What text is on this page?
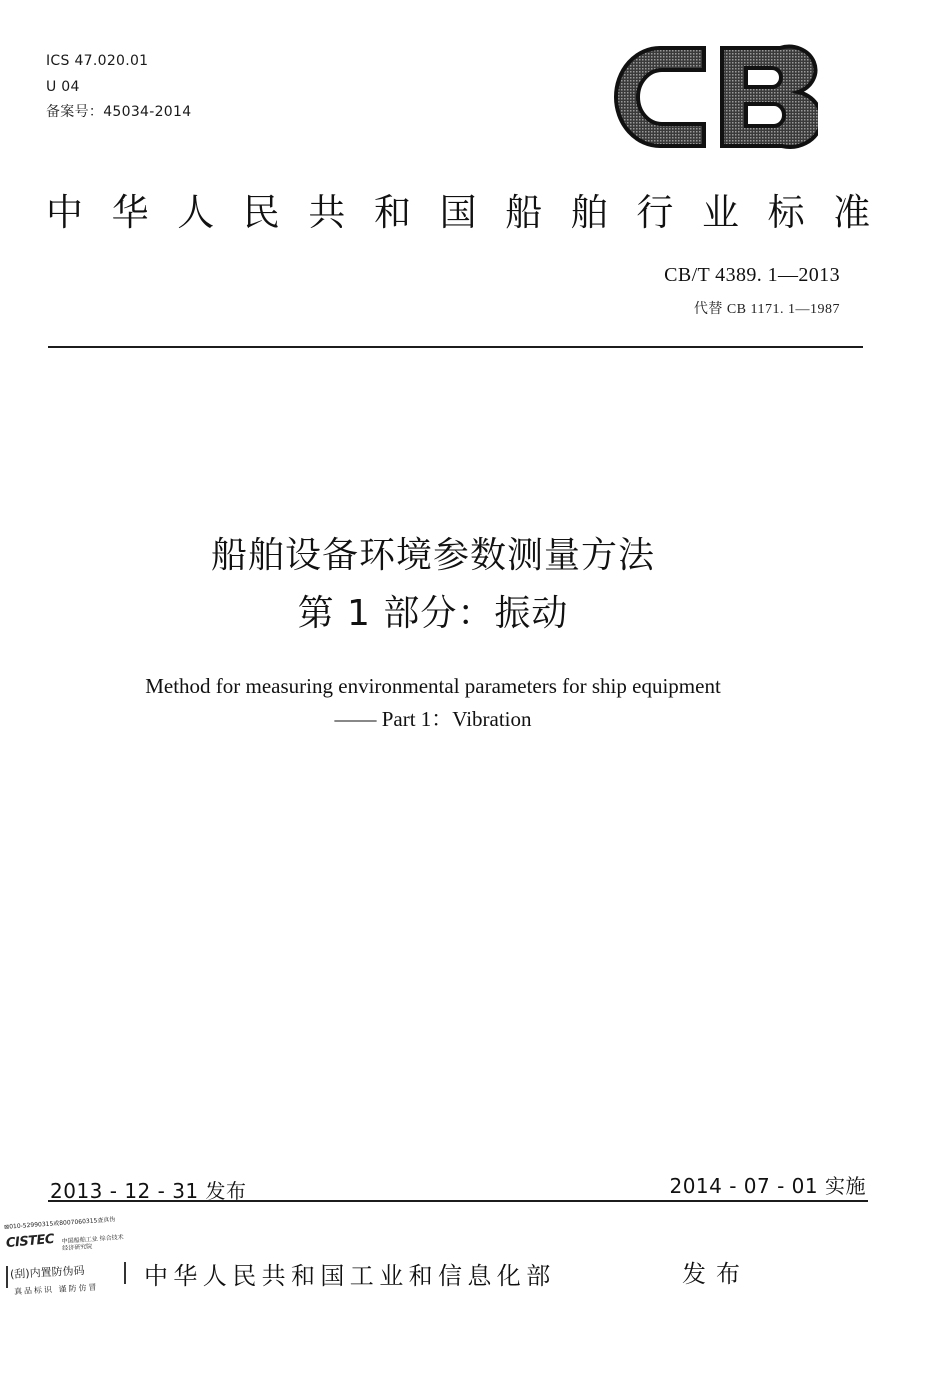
ICS 47.020.01
U 04
备案号：45034-2014
中华人民共和国船舶行业标准
CB/T 4389. 1—2013
代替 CB 1171. 1—1987
船舶设备环境参数测量方法
第 1 部分：振动
Method for measuring environmental parameters for ship equipment
—— Part 1：Vibration
2013 - 12 - 31 发布	2014 - 07 - 01 实施
⊠010-52990315或8007060315查真伪
CISTEC 中国船舶工业 综合技术经济研究院
(刮)内置防伪码
真品标识 谨防仿冒 中华人民共和国工业和信息化部	发布
